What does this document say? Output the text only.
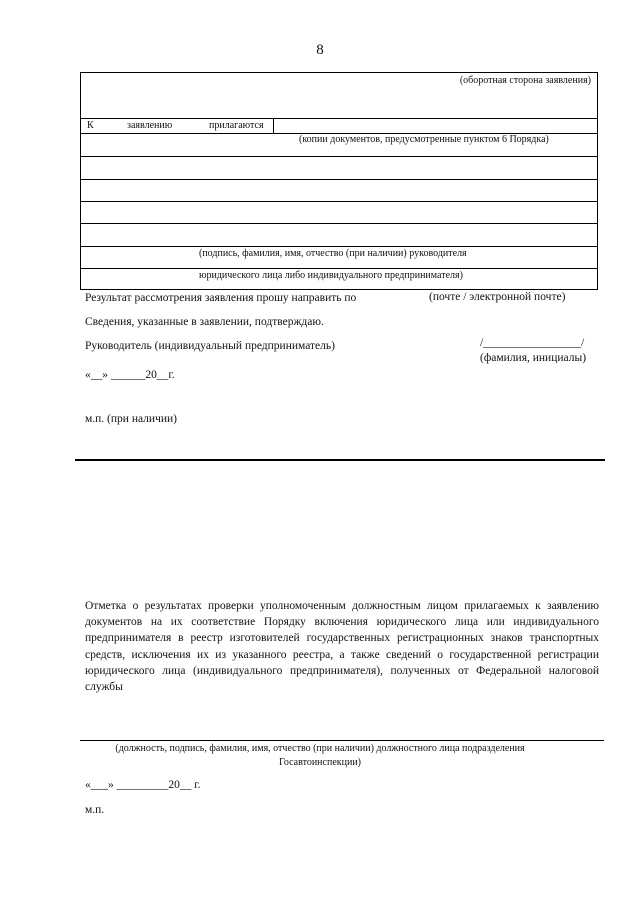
8
(оборотная сторона заявления)
К	заявлению	прилагаются
(копии документов, предусмотренные пунктом 6 Порядка)
(подпись, фамилия, имя, отчество (при наличии) руководителя
юридического лица либо индивидуального предпринимателя)
Результат рассмотрения заявления прошу направить по	(почте / электронной почте)
Сведения, указанные в заявлении, подтверждаю.
Руководитель (индивидуальный предприниматель)	/_________________/
(фамилия, инициалы)
«__» ______20__г.
м.п. (при наличии)
Отметка о результатах проверки уполномоченным должностным лицом прилагаемых к заявлению документов на их соответствие Порядку включения юридического лица или индивидуального предпринимателя в реестр изготовителей государственных регистрационных знаков транспортных средств, исключения их из указанного реестра, а также сведений о государственной регистрации юридического лица (индивидуального предпринимателя), полученных от Федеральной налоговой службы
(должность, подпись, фамилия, имя, отчество (при наличии) должностного лица подразделения
Госавтоинспекции)
«___» _________20__ г.
м.п.
